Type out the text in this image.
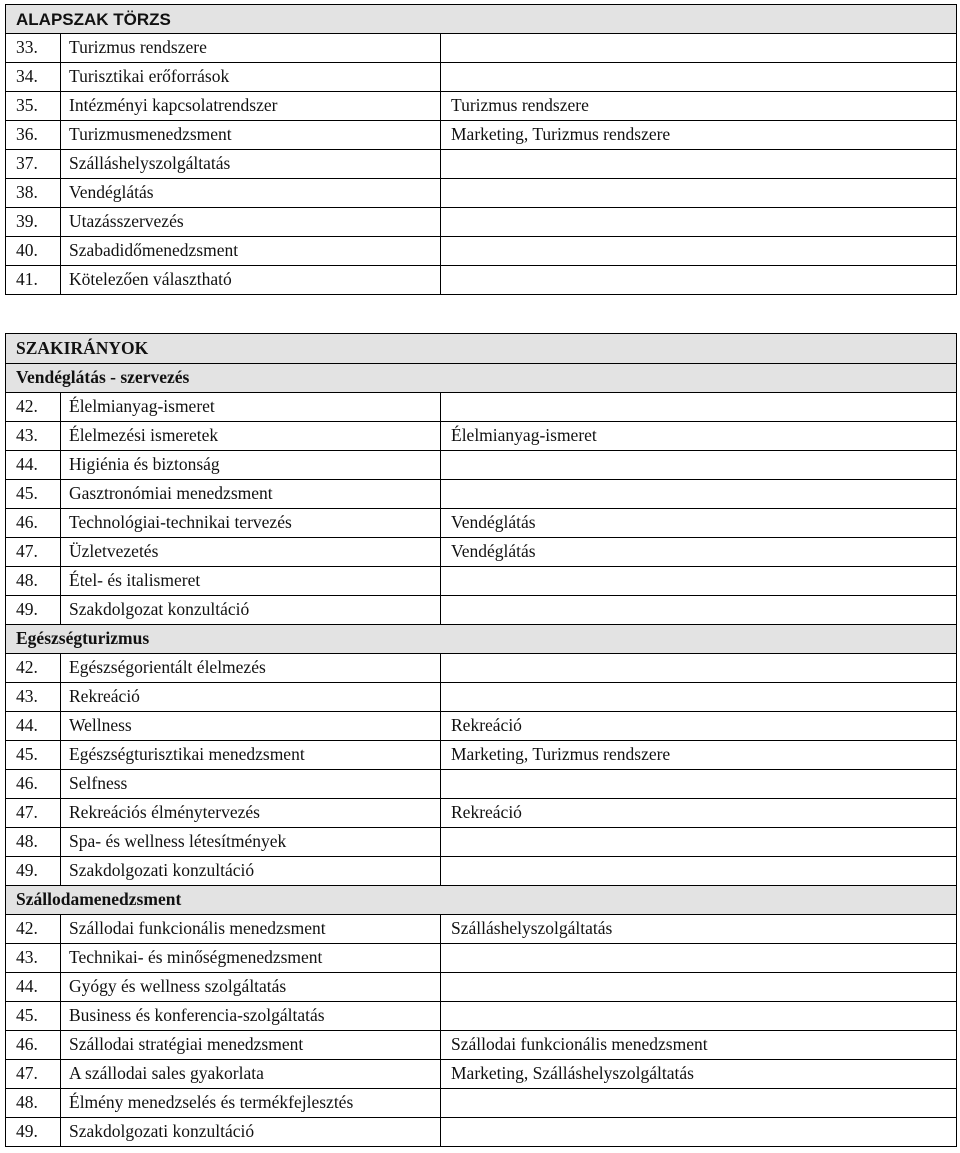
ALAPSZAK TÖRZS		
33.	Turizmus rendszere	
34.	Turisztikai erőforrások	
35.	Intézményi kapcsolatrendszer	Turizmus rendszere
36.	Turizmusmenedzsment	Marketing, Turizmus rendszere
37.	Szálláshelyszolgáltatás	
38.	Vendéglátás	
39.	Utazásszervezés	
40.	Szabadidőmenedzsment	
41.	Kötelezően választható	
SZAKIRÁNYOK		
Vendéglátás - szervezés		
42.	Élelmianyag-ismeret	
43.	Élelmezési ismeretek	Élelmianyag-ismeret
44.	Higiénia és biztonság	
45.	Gasztronómiai menedzsment	
46.	Technológiai-technikai tervezés	Vendéglátás
47.	Üzletvezetés	Vendéglátás
48.	Étel- és italismeret	
49.	Szakdolgozat konzultáció	
Egészségturizmus		
42.	Egészségorientált élelmezés	
43.	Rekreáció	
44.	Wellness	Rekreáció
45.	Egészségturisztikai menedzsment	Marketing, Turizmus rendszere
46.	Selfness	
47.	Rekreációs élménytervezés	Rekreáció
48.	Spa- és wellness létesítmények	
49.	Szakdolgozati konzultáció	
Szállodamenedzsment		
42.	Szállodai funkcionális menedzsment	Szálláshelyszolgáltatás
43.	Technikai- és minőségmenedzsment	
44.	Gyógy és wellness szolgáltatás	
45.	Business és konferencia-szolgáltatás	
46.	Szállodai stratégiai menedzsment	Szállodai funkcionális menedzsment
47.	A szállodai sales gyakorlata	Marketing, Szálláshelyszolgáltatás
48.	Élmény menedzselés és termékfejlesztés	
49.	Szakdolgozati konzultáció	
